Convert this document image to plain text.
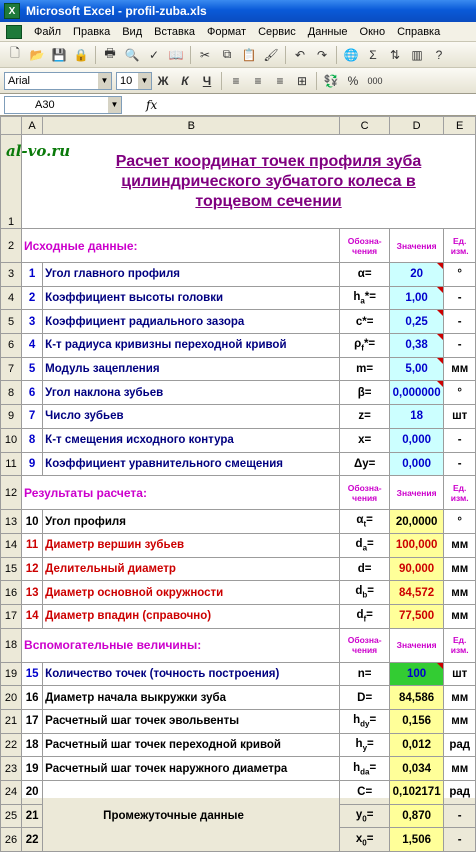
X Microsoft Excel - profil-zuba.xls
Файл	Правка	Вид	Вставка	Формат	Сервис	Данные	Окно	Справка
🗋 📂 💾 🔒	🖶 🔍 ✓ 📖	✂	⧉ 📋 🖌	↶ ↷	🌐 Σ	⇅ ▥	?
Arial	▼ 10	▼ Ж	К	Ч	≡	≡	≡	⊞	💱 %	000
A30	▼ fx
	A	B	C	D	E
1	Расчет координат точек профиля зуба цилиндрического зубчатого колеса в торцевом сечении				
2	Исходные данные:		Обозна-чения	Значения	Ед. изм.
3	1	Угол главного профиля	α=	20	°
4	2	Коэффициент высоты головки	$h_a*=$	1,00	-
5	3	Коэффициент радиального зазора	c*=	0,25	-
6	4	К-т радиуса кривизны переходной кривой	$\rho_f*=$	0,38	-
7	5	Модуль зацепления	m=	5,00	мм
8	6	Угол наклона зубьев	β=	0,000000	°
9	7	Число зубьев	z=	18	шт
10	8	К-т смещения исходного контура	x=	0,000	-
11	9	Коэффициент уравнительного смещения	Δy=	0,000	-
12	Результаты расчета:		Обозна-чения	Значения	Ед. изм.
13	10	Угол профиля	$\alpha_t=$	20,0000	°
14	11	Диаметр вершин зубьев	$d_a=$	100,000	мм
15	12	Делительный диаметр	d=	90,000	мм
16	13	Диаметр основной окружности	$d_b=$	84,572	мм
17	14	Диаметр впадин (справочно)	$d_f=$	77,500	мм
18	Вспомогательные величины:		Обозна-чения	Значения	Ед. изм.
19	15	Количество точек (точность построения)	n=	100	шт
20	16	Диаметр начала выкружки зуба	D=	84,586	мм
21	17	Расчетный шаг точек эвольвенты	$h_{dy}=$	0,156	мм
22	18	Расчетный шаг точек переходной кривой	$h_y=$	0,012	рад
23	19	Расчетный шаг точек наружного диаметра	$h_{da}=$	0,034	мм
24	20	Промежуточные данные	C=	0,102171	рад
25	21		$y_0=$	0,870	-
26	22		$x_0=$	1,506	-
al-vo.ru
